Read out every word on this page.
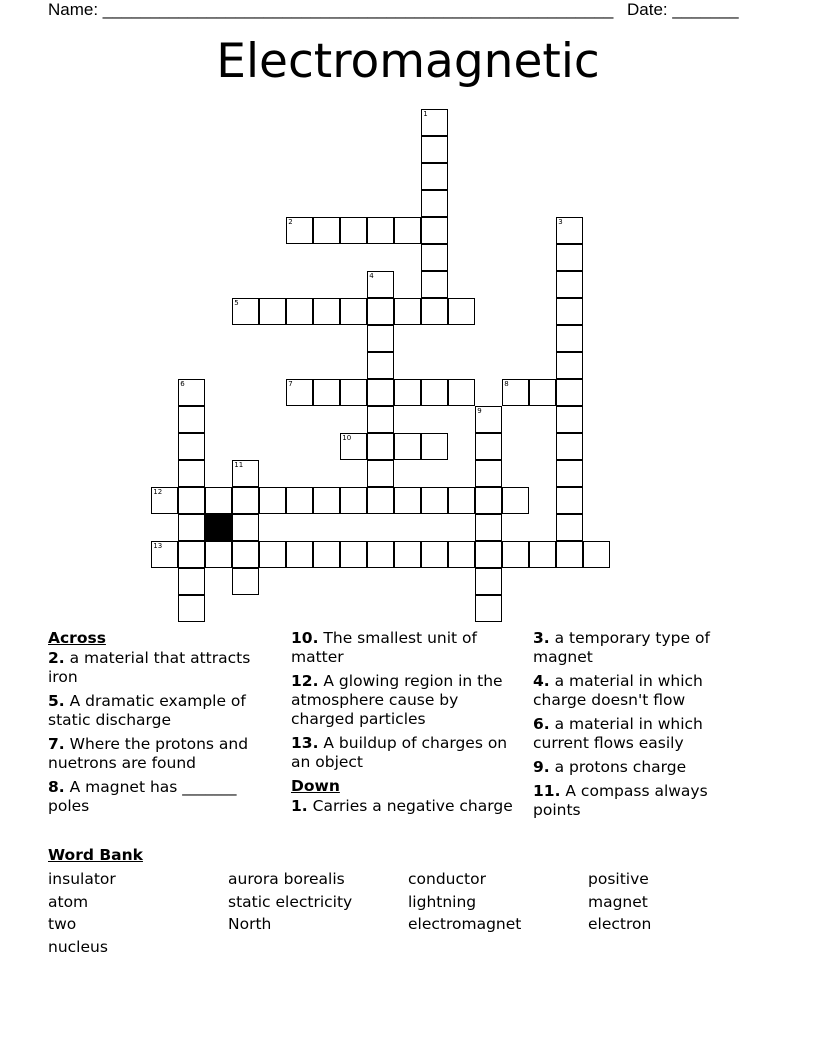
Name: ______________________________________________________ Date: _______
Electromagnetic
1
2	3
4
5
6	7	8
9
10
11
12
13
Across
2. a material that attracts iron
5. A dramatic example of static discharge
7. Where the protons and nuetrons are found
8. A magnet has _______ poles
10. The smallest unit of matter
12. A glowing region in the atmosphere cause by charged particles
13. A buildup of charges on an object
Down
1. Carries a negative charge
3. a temporary type of magnet
4. a material in which charge doesn't flow
6. a material in which current flows easily
9. a protons charge
11. A compass always points
Word Bank
insulator	aurora borealis	conductor	positive
atom	static electricity	lightning	magnet
two	North	electromagnet	electron
nucleus
